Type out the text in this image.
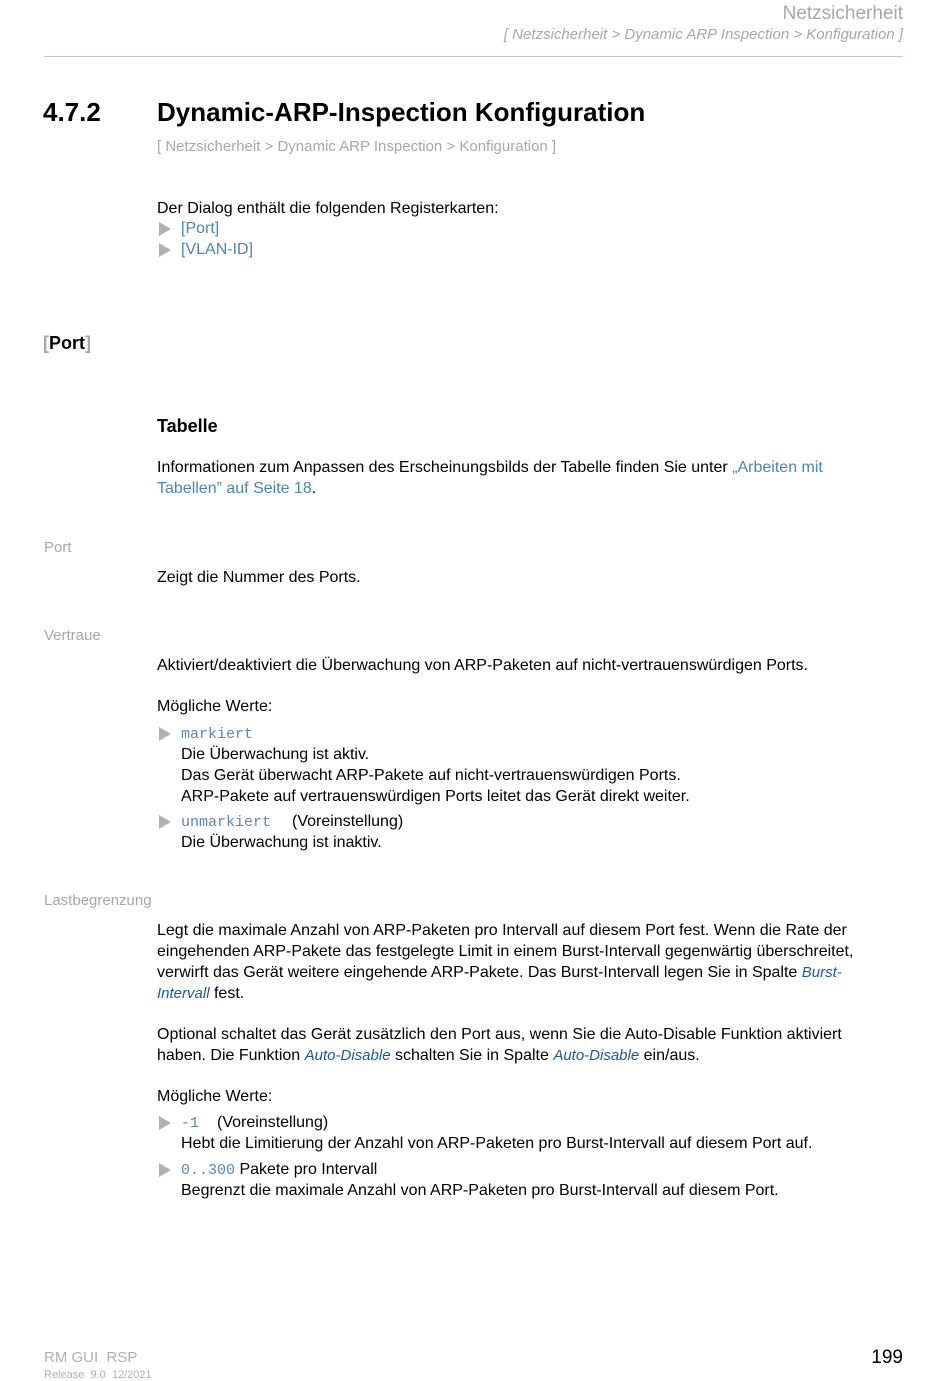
Netzsicherheit
[ Netzsicherheit > Dynamic ARP Inspection > Konfiguration ]
4.7.2 Dynamic-ARP-Inspection Konfiguration
[ Netzsicherheit > Dynamic ARP Inspection > Konfiguration ]
Der Dialog enthält die folgenden Registerkarten:
[Port]
[VLAN-ID]
[Port]
Tabelle
Informationen zum Anpassen des Erscheinungsbilds der Tabelle finden Sie unter „Arbeiten mit
Tabellen” auf Seite 18.
Port
Zeigt die Nummer des Ports.
Vertraue
Aktiviert/deaktiviert die Überwachung von ARP-Paketen auf nicht-vertrauenswürdigen Ports.
Mögliche Werte:
markiert
Die Überwachung ist aktiv.
Das Gerät überwacht ARP-Pakete auf nicht-vertrauenswürdigen Ports.
ARP-Pakete auf vertrauenswürdigen Ports leitet das Gerät direkt weiter.
unmarkiert (Voreinstellung)
Die Überwachung ist inaktiv.
Lastbegrenzung
Legt die maximale Anzahl von ARP-Paketen pro Intervall auf diesem Port fest. Wenn die Rate der
eingehenden ARP-Pakete das festgelegte Limit in einem Burst-Intervall gegenwärtig überschreitet,
verwirft das Gerät weitere eingehende ARP-Pakete. Das Burst-Intervall legen Sie in Spalte Burst-
Intervall fest.
Optional schaltet das Gerät zusätzlich den Port aus, wenn Sie die Auto-Disable Funktion aktiviert
haben. Die Funktion Auto-Disable schalten Sie in Spalte Auto-Disable ein/aus.
Mögliche Werte:
-1 (Voreinstellung)
Hebt die Limitierung der Anzahl von ARP-Paketen pro Burst-Intervall auf diesem Port auf.
0..300 Pakete pro Intervall
Begrenzt die maximale Anzahl von ARP-Paketen pro Burst-Intervall auf diesem Port.
RM GUI  RSP
Release  9.0  12/2021
199
